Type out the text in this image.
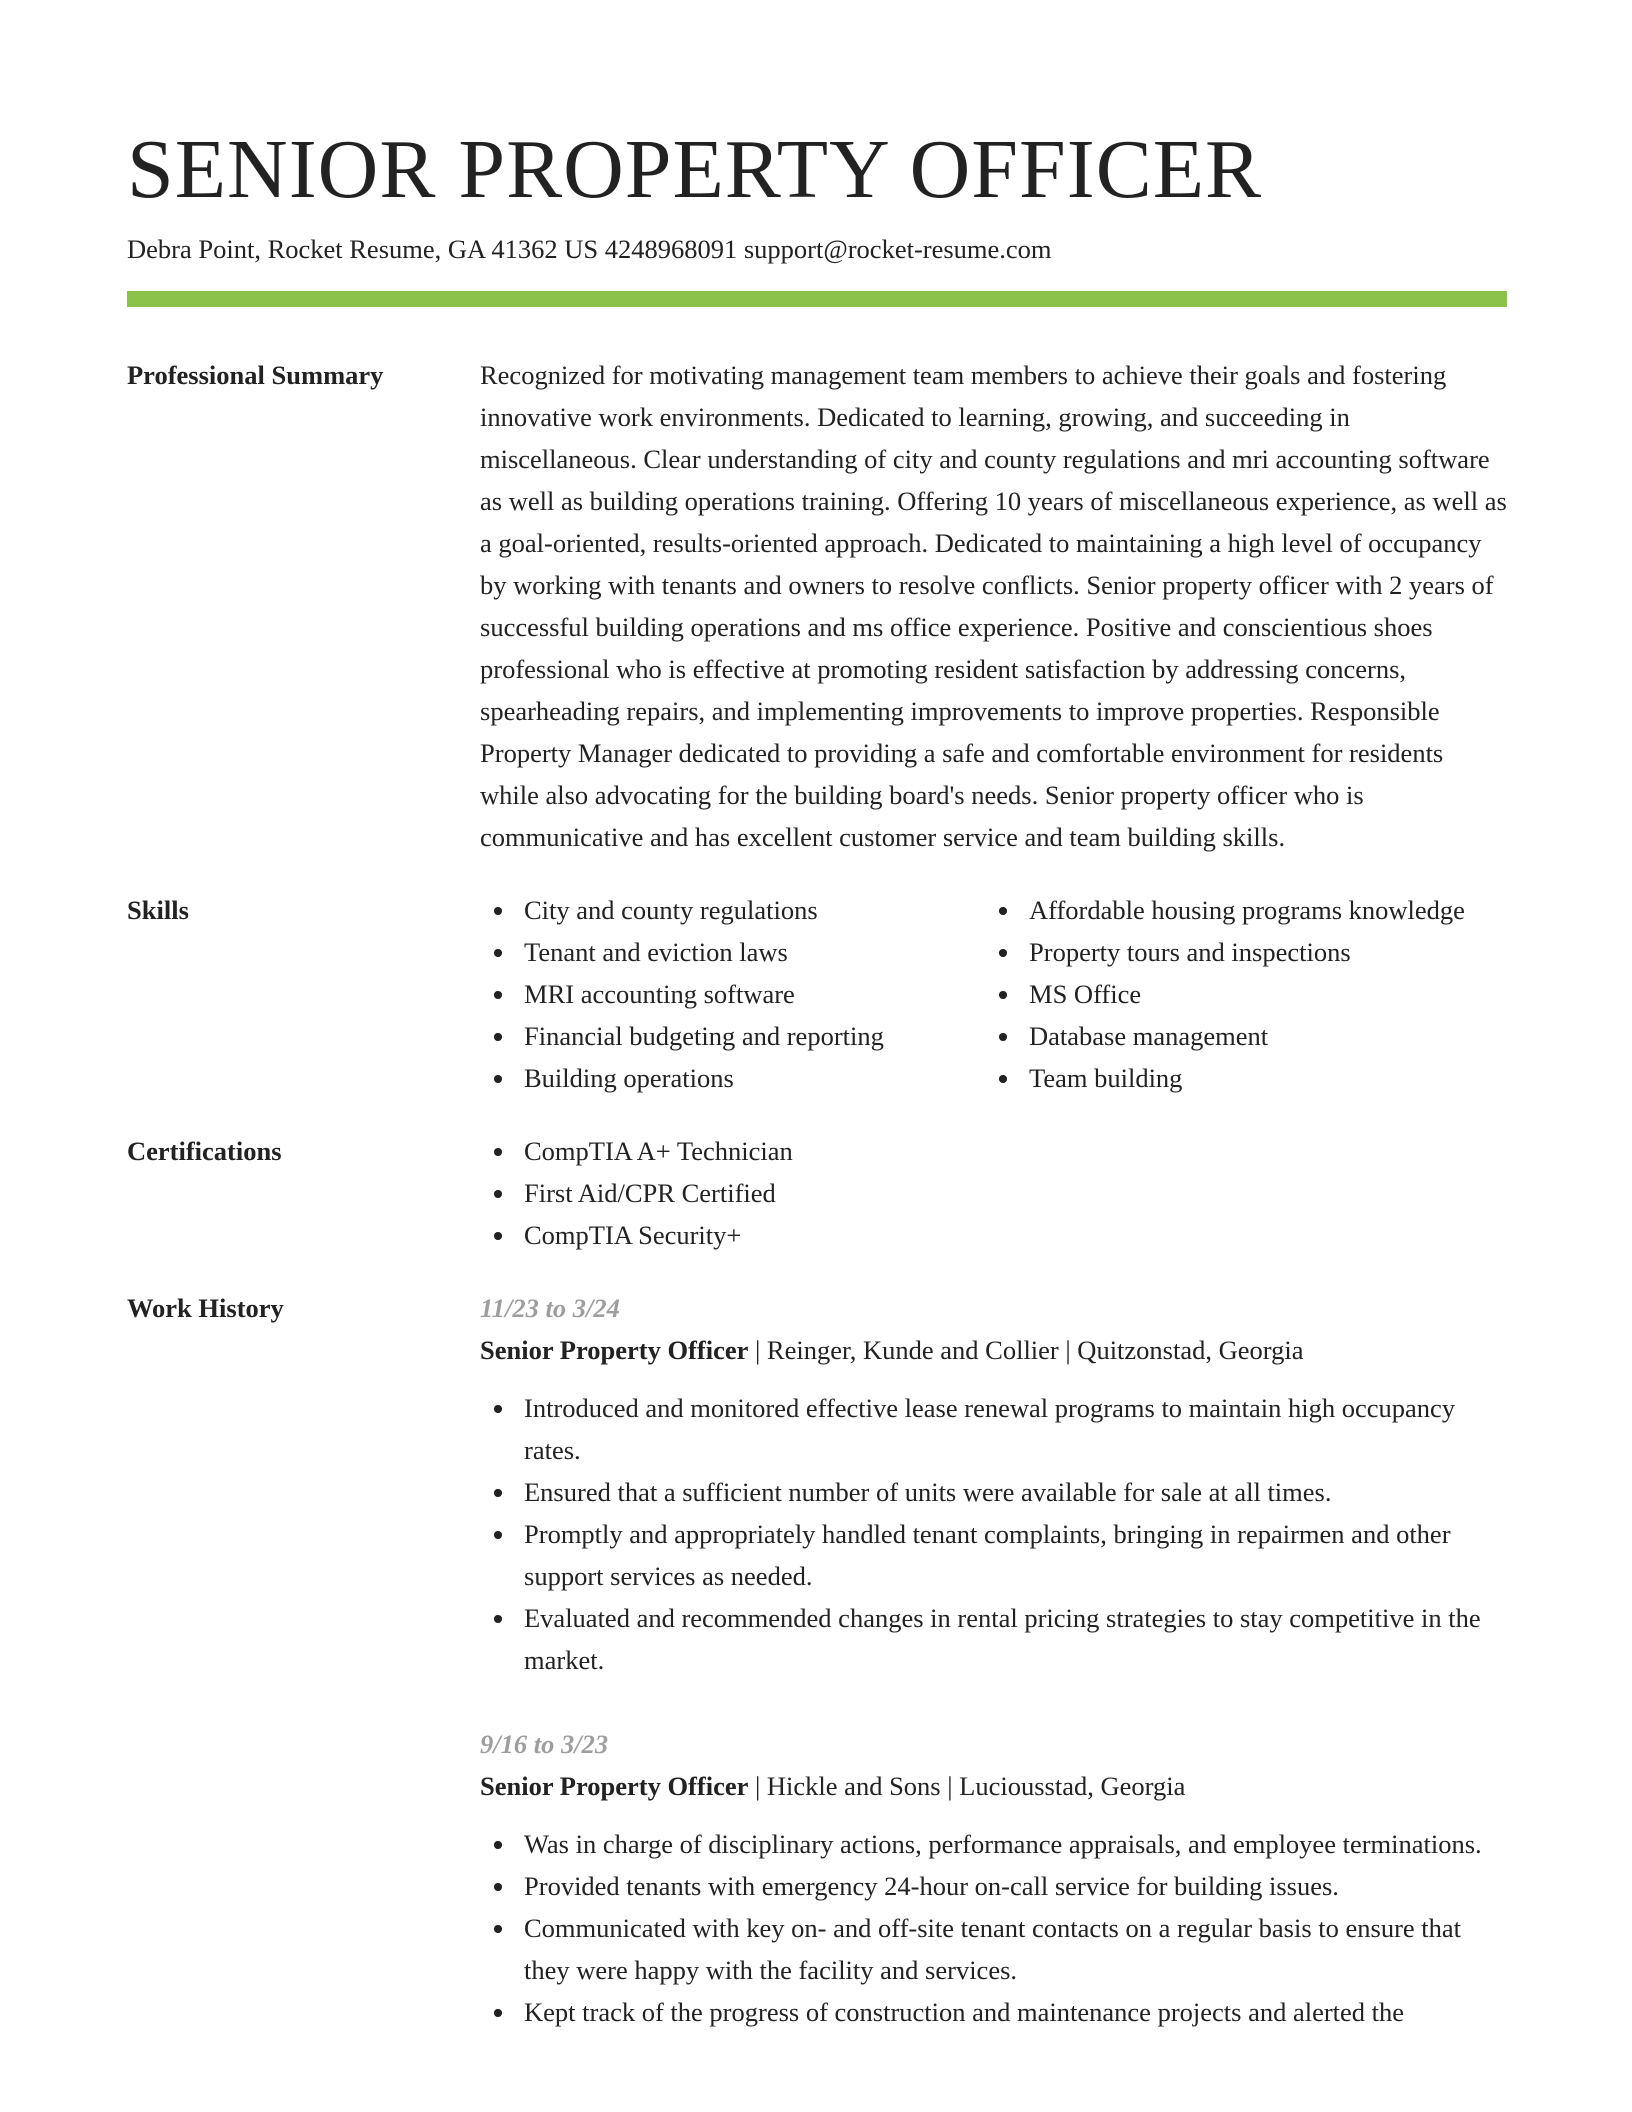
SENIOR PROPERTY OFFICER
Debra Point, Rocket Resume, GA 41362 US 4248968091 support@rocket-resume.com
Professional Summary	Recognized for motivating management team members to achieve their goals and fostering innovative work environments. Dedicated to learning, growing, and succeeding in miscellaneous. Clear understanding of city and county regulations and mri accounting software as well as building operations training. Offering 10 years of miscellaneous experience, as well as a goal-oriented, results-oriented approach. Dedicated to maintaining a high level of occupancy by working with tenants and owners to resolve conflicts. Senior property officer with 2 years of successful building operations and ms office experience. Positive and conscientious shoes professional who is effective at promoting resident satisfaction by addressing concerns, spearheading repairs, and implementing improvements to improve properties. Responsible Property Manager dedicated to providing a safe and comfortable environment for residents while also advocating for the building board's needs. Senior property officer who is communicative and has excellent customer service and team building skills.

Skills	City and county regulations
Tenant and eviction laws
MRI accounting software
Financial budgeting and reporting
Building operations
Affordable housing programs knowledge
Property tours and inspections
MS Office
Database management
Team building
Certifications	CompTIA A+ Technician
First Aid/CPR Certified
CompTIA Security+
Work History	11/23 to 3/24
Senior Property Officer | Reinger, Kunde and Collier | Quitzonstad, Georgia
Introduced and monitored effective lease renewal programs to maintain high occupancy rates.
Ensured that a sufficient number of units were available for sale at all times.
Promptly and appropriately handled tenant complaints, bringing in repairmen and other support services as needed.
Evaluated and recommended changes in rental pricing strategies to stay competitive in the market.
9/16 to 3/23
Senior Property Officer | Hickle and Sons | Luciousstad, Georgia
Was in charge of disciplinary actions, performance appraisals, and employee terminations.
Provided tenants with emergency 24-hour on-call service for building issues.
Communicated with key on- and off-site tenant contacts on a regular basis to ensure that they were happy with the facility and services.
Kept track of the progress of construction and maintenance projects and alerted the
